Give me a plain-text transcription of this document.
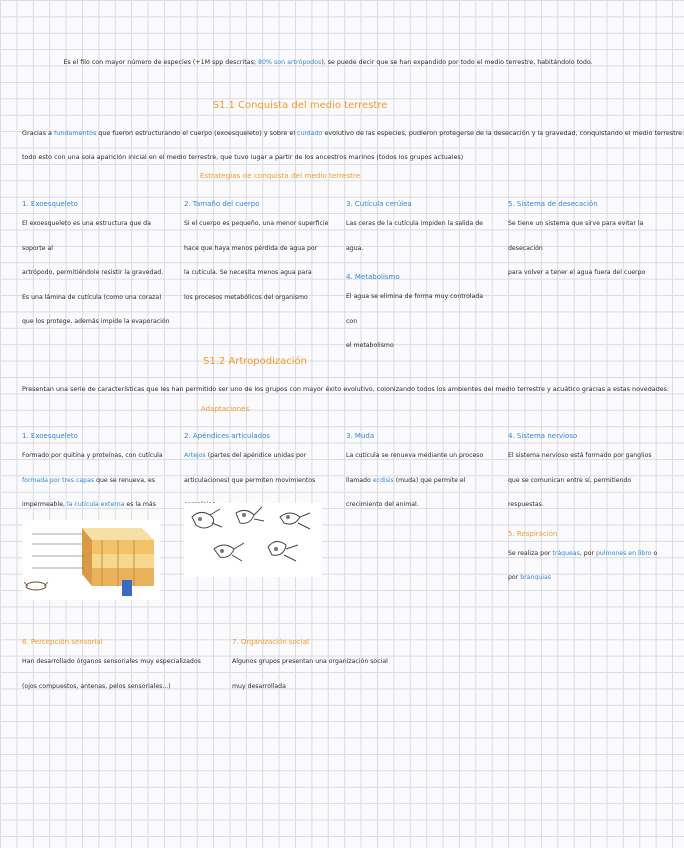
Es el filo con mayor número de especies (+1M spp descritas; 80% son artrópodos), se puede decir que se han expandido por todo el medio terrestre, habitándolo todo.
S1.1 Conquista del medio terrestre
Gracias a fundamentos que fueron estructurando el cuerpo (exoesqueleto) y sobre el cuidado evolutivo de las especies, pudieron protegerse de la desecación y la gravedad, conquistando el medio terrestre:
todo esto con una sola aparición inicial en el medio terrestre, que tuvo lugar a partir de los ancestros marinos (todos los grupos actuales)
Estrategias de conquista del medio terrestre
1. Exoesqueleto

El exoesqueleto es una estructura que da soporte al

artrópodo, permitiéndole resistir la gravedad.

Es una lámina de cutícula (como una coraza)

que los protege, además impide la evaporación

2. Tamaño del cuerpo

Si el cuerpo es pequeño, una menor superficie

hace que haya menos pérdida de agua por

la cutícula. Se necesita menos agua para

los procesos metabólicos del organismo

3. Cutícula cerúlea

Las ceras de la cutícula impiden la salida de agua.

4. Metabolismo

El agua se elimina de forma muy controlada con

el metabolismo

5. Sistema de desecación

Se tiene un sistema que sirve para evitar la desecación

para volver a tener el agua fuera del cuerpo

S1.2 Artropodización
Presentan una serie de características que les han permitido ser uno de los grupos con mayor éxito evolutivo, colonizando todos los ambientes del medio terrestre y acuático gracias a estas novedades:
Adaptaciones
1. Exoesqueleto

Formado por quitina y proteínas, con cutícula formada por tres capas que se renueva, es impermeable, la cutícula externa es la más

2. Apéndices articulados

Artejos (partes del apéndice unidas por articulaciones) que permiten movimientos

3. Muda

La cutícula se renueva mediante un proceso llamado ecdisis (muda) que permite el crecimiento del animal.

4. Sistema nervioso

El sistema nervioso está formado por ganglios

que se comunican entre sí, permitiendo respuestas.

5. Respiración

Se realiza por tráqueas, por pulmones en libro o por branquias

6. Percepción sensorial

Han desarrollado órganos sensoriales muy especializados

(ojos compuestos, antenas, pelos sensoriales...)

7. Organización social

Algunos grupos presentan una organización social

muy desarrollada
